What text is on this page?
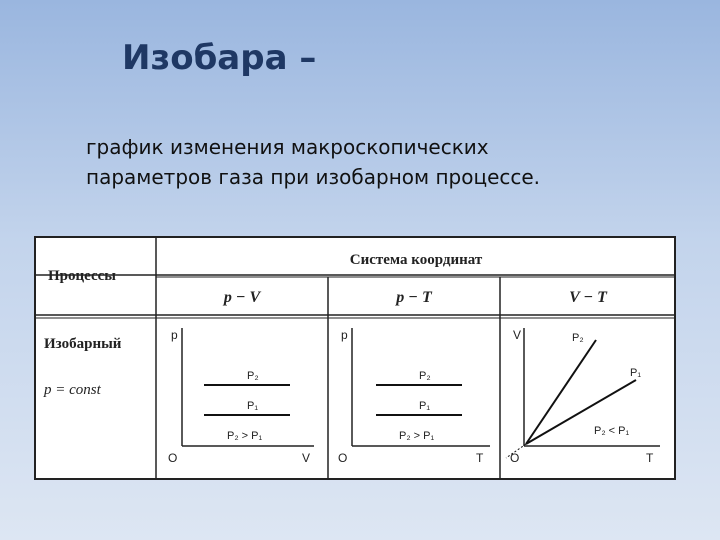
Изобара –
график изменения макроскопических
параметров газа при изобарном процессе.
Процессы
Система координат
p − V	p − T	V − T
Изобарный
p = const
p
V
O
P₂
P₁
P₂ > P₁
p
T
O
P₂
P₁
P₂ > P₁
V
T
O
P₂
P₁
P₂ < P₁
